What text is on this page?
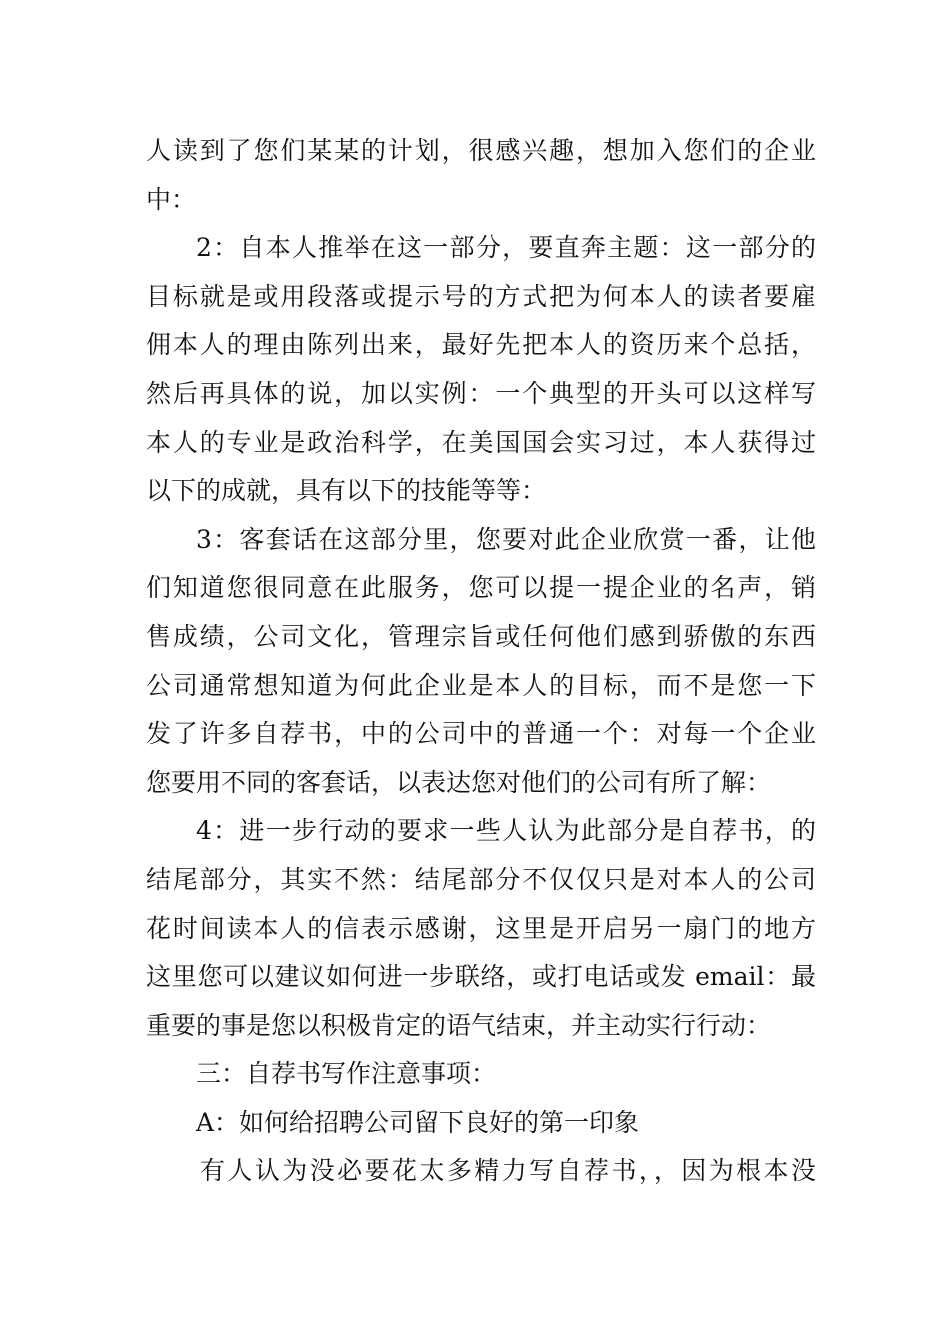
人读到了您们某某的计划，很感兴趣，想加入您们的企业
中：
2：自本人推举在这一部分，要直奔主题：这一部分的
目标就是或用段落或提示号的方式把为何本人的读者要雇
佣本人的理由陈列出来，最好先把本人的资历来个总括，
然后再具体的说，加以实例：一个典型的开头可以这样写
本人的专业是政治科学，在美国国会实习过，本人获得过
以下的成就，具有以下的技能等等：
3：客套话在这部分里，您要对此企业欣赏一番，让他
们知道您很同意在此服务，您可以提一提企业的名声，销
售成绩，公司文化，管理宗旨或任何他们感到骄傲的东西
公司通常想知道为何此企业是本人的目标，而不是您一下
发了许多自荐书，中的公司中的普通一个：对每一个企业
您要用不同的客套话，以表达您对他们的公司有所了解：
4：进一步行动的要求一些人认为此部分是自荐书，的
结尾部分，其实不然：结尾部分不仅仅只是对本人的公司
花时间读本人的信表示感谢，这里是开启另一扇门的地方
这里您可以建议如何进一步联络，或打电话或发 email：最
重要的事是您以积极肯定的语气结束，并主动实行行动：
三：自荐书写作注意事项：
A：如何给招聘公司留下良好的第一印象
有人认为没必要花太多精力写自荐书，，因为根本没
